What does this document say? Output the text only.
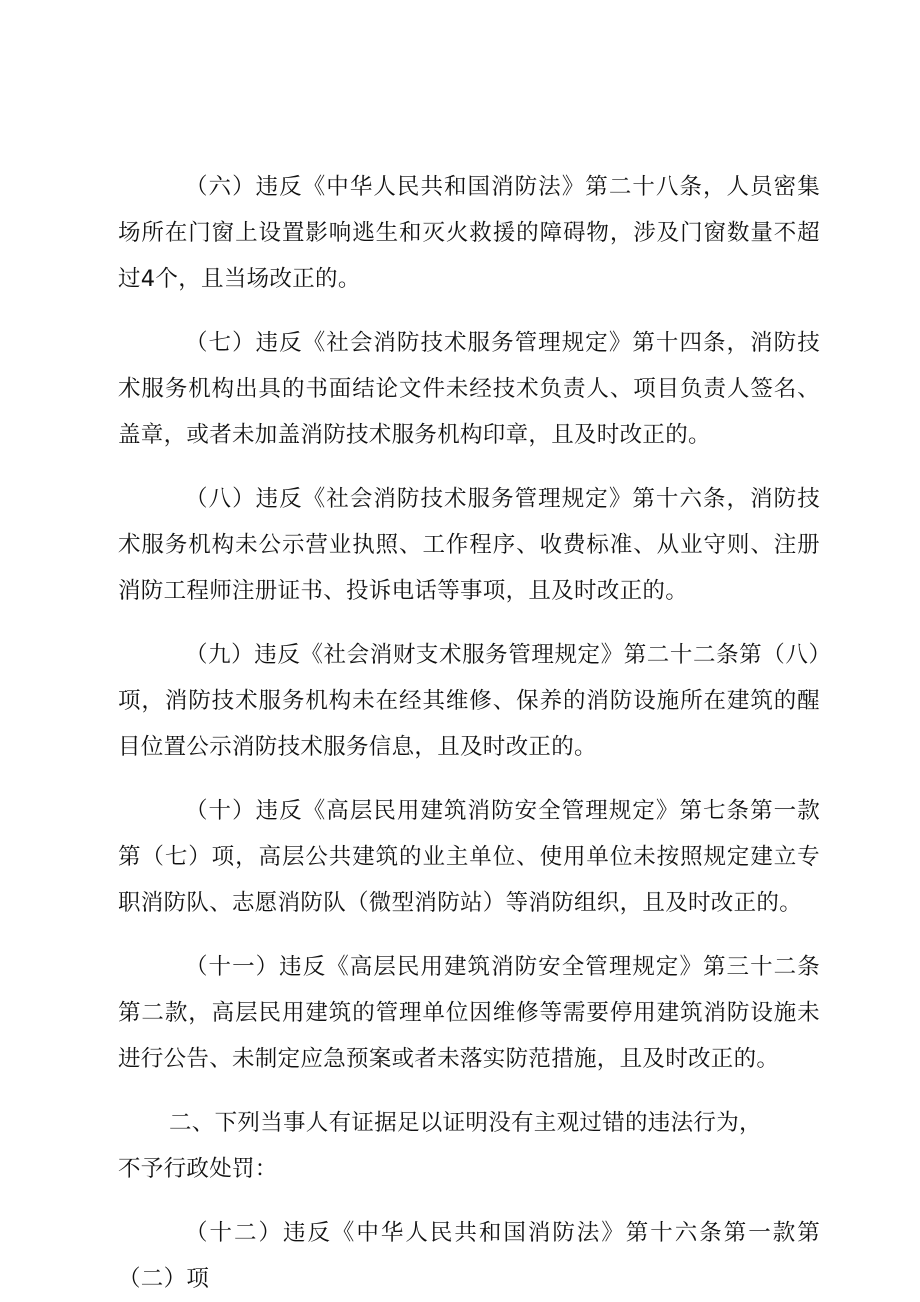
（六）违反《中华人民共和国消防法》第二十八条，人员密集场所在门窗上设置影响逃生和灭火救援的障碍物，涉及门窗数量不超过4个，且当场改正的。

（七）违反《社会消防技术服务管理规定》第十四条，消防技术服务机构出具的书面结论文件未经技术负责人、项目负责人签名、盖章，或者未加盖消防技术服务机构印章，且及时改正的。

（八）违反《社会消防技术服务管理规定》第十六条，消防技术服务机构未公示营业执照、工作程序、收费标准、从业守则、注册消防工程师注册证书、投诉电话等事项，且及时改正的。

（九）违反《社会消财支术服务管理规定》第二十二条第（八）项，消防技术服务机构未在经其维修、保养的消防设施所在建筑的醒目位置公示消防技术服务信息，且及时改正的。

（十）违反《高层民用建筑消防安全管理规定》第七条第一款第（七）项，高层公共建筑的业主单位、使用单位未按照规定建立专职消防队、志愿消防队（微型消防站）等消防组织，且及时改正的。

（十一）违反《高层民用建筑消防安全管理规定》第三十二条第二款，高层民用建筑的管理单位因维修等需要停用建筑消防设施未进行公告、未制定应急预案或者未落实防范措施，且及时改正的。

二、下列当事人有证据足以证明没有主观过错的违法行为，

不予行政处罚：

（十二）违反《中华人民共和国消防法》第十六条第一款第（二）项
